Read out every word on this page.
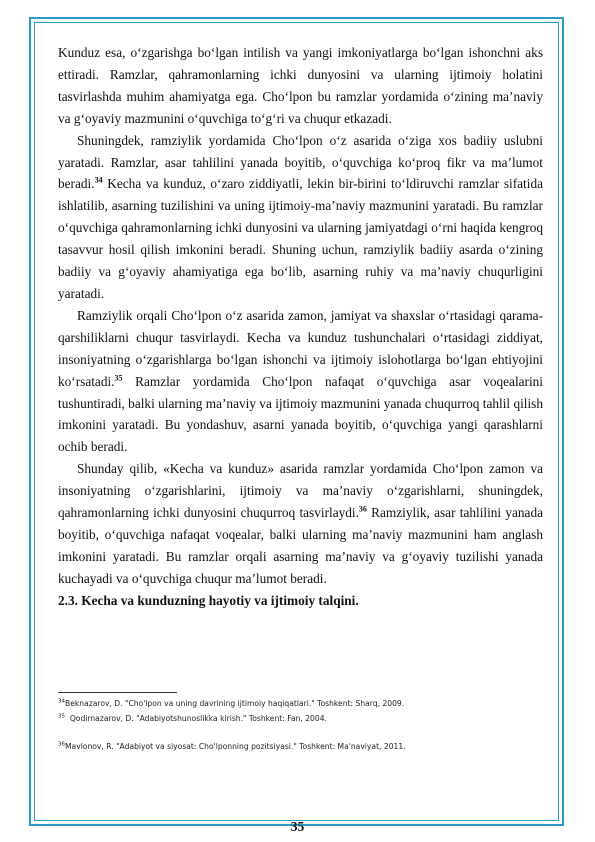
Kunduz esa, o‘zgarishga bo‘lgan intilish va yangi imkoniyatlarga bo‘lgan ishonchni aks ettiradi. Ramzlar, qahramonlarning ichki dunyosini va ularning ijtimoiy holatini tasvirlashda muhim ahamiyatga ega. Cho‘lpon bu ramzlar yordamida o‘zining ma’naviy va g‘oyaviy mazmunini o‘quvchiga to‘g‘ri va chuqur etkazadi.

Shuningdek, ramziylik yordamida Cho‘lpon o‘z asarida o‘ziga xos badiiy uslubni yaratadi. Ramzlar, asar tahlilini yanada boyitib, o‘quvchiga ko‘proq fikr va ma’lumot beradi.$^{34}$ Kecha va kunduz, o‘zaro ziddiyatli, lekin bir-birini to‘ldiruvchi ramzlar sifatida ishlatilib, asarning tuzilishini va uning ijtimoiy-ma’naviy mazmunini yaratadi. Bu ramzlar o‘quvchiga qahramonlarning ichki dunyosini va ularning jamiyatdagi o‘rni haqida kengroq tasavvur hosil qilish imkonini beradi. Shuning uchun, ramziylik badiiy asarda o‘zining badiiy va g‘oyaviy ahamiyatiga ega bo‘lib, asarning ruhiy va ma’naviy chuqurligini yaratadi.

Ramziylik orqali Cho‘lpon o‘z asarida zamon, jamiyat va shaxslar o‘rtasidagi qarama-qarshiliklarni chuqur tasvirlaydi. Kecha va kunduz tushunchalari o‘rtasidagi ziddiyat, insoniyatning o‘zgarishlarga bo‘lgan ishonchi va ijtimoiy islohotlarga bo‘lgan ehtiyojini ko‘rsatadi.$^{35}$ Ramzlar yordamida Cho‘lpon nafaqat o‘quvchiga asar voqealarini tushuntiradi, balki ularning ma’naviy va ijtimoiy mazmunini yanada chuqurroq tahlil qilish imkonini yaratadi. Bu yondashuv, asarni yanada boyitib, o‘quvchiga yangi qarashlarni ochib beradi.

Shunday qilib, «Kecha va kunduz» asarida ramzlar yordamida Cho‘lpon zamon va insoniyatning o‘zgarishlarini, ijtimoiy va ma’naviy o‘zgarishlarni, shuningdek, qahramonlarning ichki dunyosini chuqurroq tasvirlaydi.$^{36}$ Ramziylik, asar tahlilini yanada boyitib, o‘quvchiga nafaqat voqealar, balki ularning ma’naviy mazmunini ham anglash imkonini yaratadi. Bu ramzlar orqali asarning ma’naviy va g‘oyaviy tuzilishi yanada kuchayadi va o‘quvchiga chuqur ma’lumot beradi.

2.3. Kecha va kunduzning hayotiy va ijtimoiy talqini.

$^{34}$Beknazarov, D. "Cho'lpon va uning davrining ijtimoiy haqiqatlari." Toshkent: Sharq, 2009.

$^{35}$  Qodirnazarov, D. "Adabiyotshunoslikka kirish." Toshkent: Fan, 2004.

$^{36}$Mavlonov, R. "Adabiyot va siyosat: Cho'lponning pozitsiyasi." Toshkent: Ma'naviyat, 2011.

35
